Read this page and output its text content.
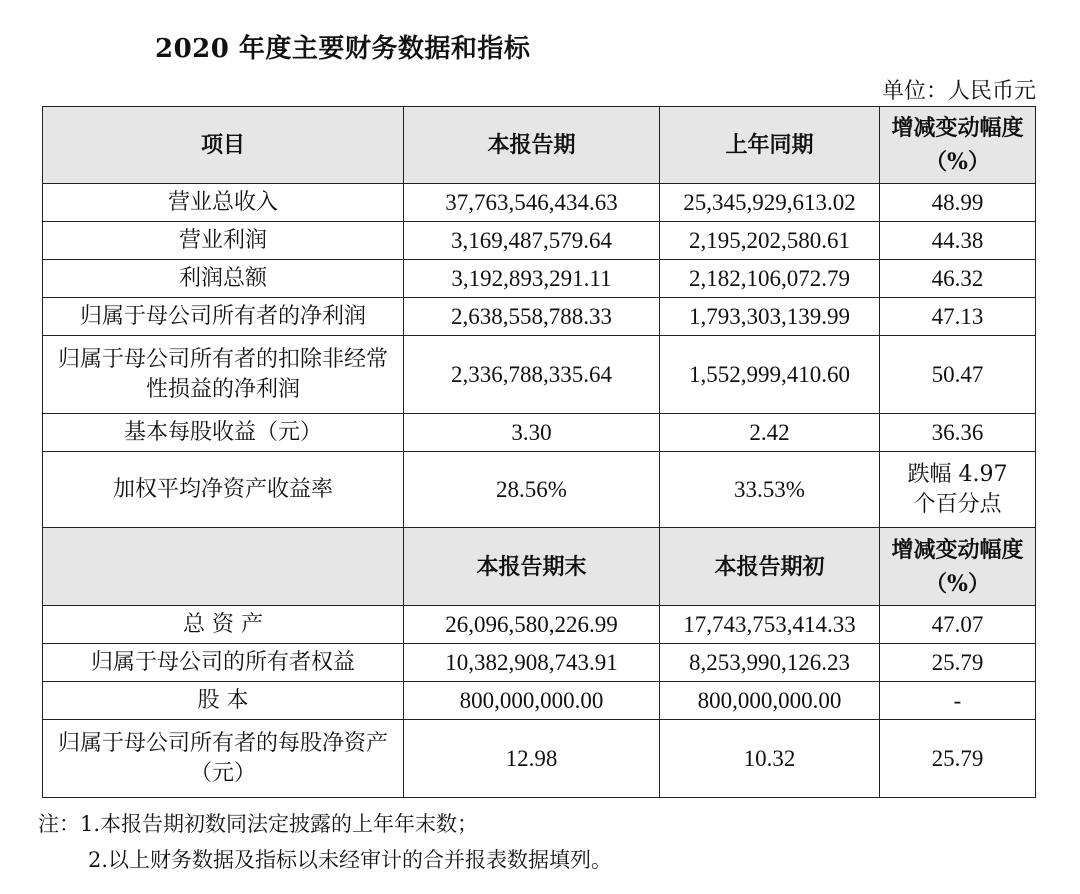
2020 年度主要财务数据和指标
单位：人民币元
项目	本报告期	上年同期	增减变动幅度（%）
营业总收入	37,763,546,434.63	25,345,929,613.02	48.99
营业利润	3,169,487,579.64	2,195,202,580.61	44.38
利润总额	3,192,893,291.11	2,182,106,072.79	46.32
归属于母公司所有者的净利润	2,638,558,788.33	1,793,303,139.99	47.13
归属于母公司所有者的扣除非经常性损益的净利润	2,336,788,335.64	1,552,999,410.60	50.47
基本每股收益（元）	3.30	2.42	36.36
加权平均净资产收益率	28.56%	33.53%	跌幅 4.97 个百分点
	本报告期末	本报告期初	增减变动幅度（%）
总 资 产	26,096,580,226.99	17,743,753,414.33	47.07
归属于母公司的所有者权益	10,382,908,743.91	8,253,990,126.23	25.79
股 本	800,000,000.00	800,000,000.00	-
归属于母公司所有者的每股净资产（元）	12.98	10.32	25.79
注：1.本报告期初数同法定披露的上年年末数；
2.以上财务数据及指标以未经审计的合并报表数据填列。
